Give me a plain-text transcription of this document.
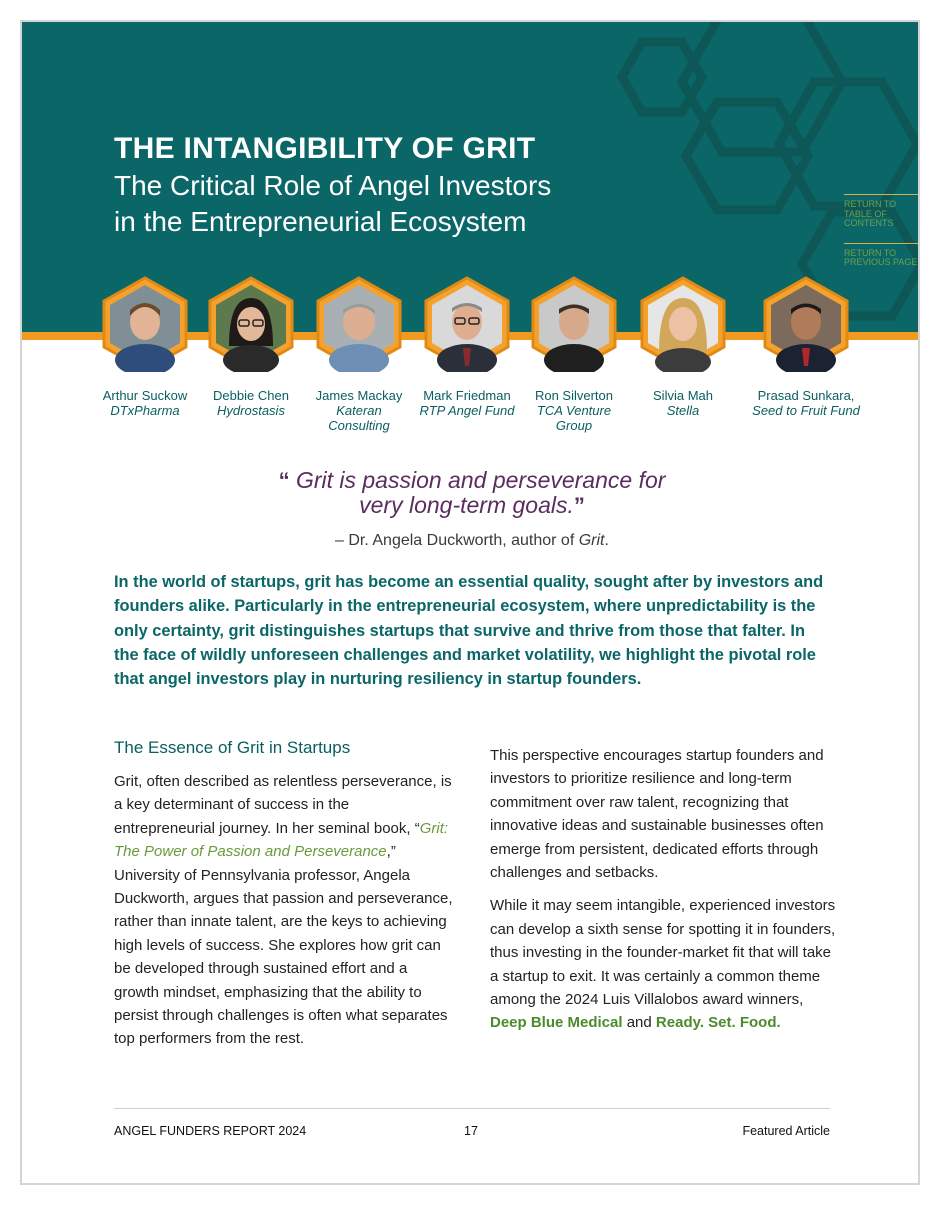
THE INTANGIBILITY OF GRIT
The Critical Role of Angel Investors
in the Entrepreneurial Ecosystem
RETURN TO TABLE OF CONTENTS
RETURN TO PREVIOUS PAGE
Arthur Suckow
DTxPharma
Debbie Chen
Hydrostasis
James Mackay
Kateran Consulting
Mark Friedman
RTP Angel Fund
Ron Silverton
TCA Venture Group
Silvia Mah
Stella
Prasad Sunkara,
Seed to Fruit Fund
“ Grit is passion and perseverance for
very long-term goals.”
– Dr. Angela Duckworth, author of Grit.
In the world of startups, grit has become an essential quality, sought after by investors and founders alike. Particularly in the entrepreneurial ecosystem, where unpredictability is the only certainty, grit distinguishes startups that survive and thrive from those that falter. In the face of wildly unforeseen challenges and market volatility, we highlight the pivotal role that angel investors play in nurturing resiliency in startup founders.
The Essence of Grit in Startups

Grit, often described as relentless perseverance, is a key determinant of success in the entrepreneurial journey. In her seminal book, “Grit: The Power of Passion and Perseverance,” University of Pennsylvania professor, Angela Duckworth, argues that passion and perseverance, rather than innate talent, are the keys to achieving high levels of success. She explores how grit can be developed through sustained effort and a growth mindset, emphasizing that the ability to persist through challenges is often what separates top performers from the rest.

This perspective encourages startup founders and investors to prioritize resilience and long-term commitment over raw talent, recognizing that innovative ideas and sustainable businesses often emerge from persistent, dedicated efforts through challenges and setbacks.

While it may seem intangible, experienced investors can develop a sixth sense for spotting it in founders, thus investing in the founder-market fit that will take a startup to exit. It was certainly a common theme among the 2024 Luis Villalobos award winners, Deep Blue Medical and Ready. Set. Food.

ANGEL FUNDERS REPORT 2024	17	Featured Article
